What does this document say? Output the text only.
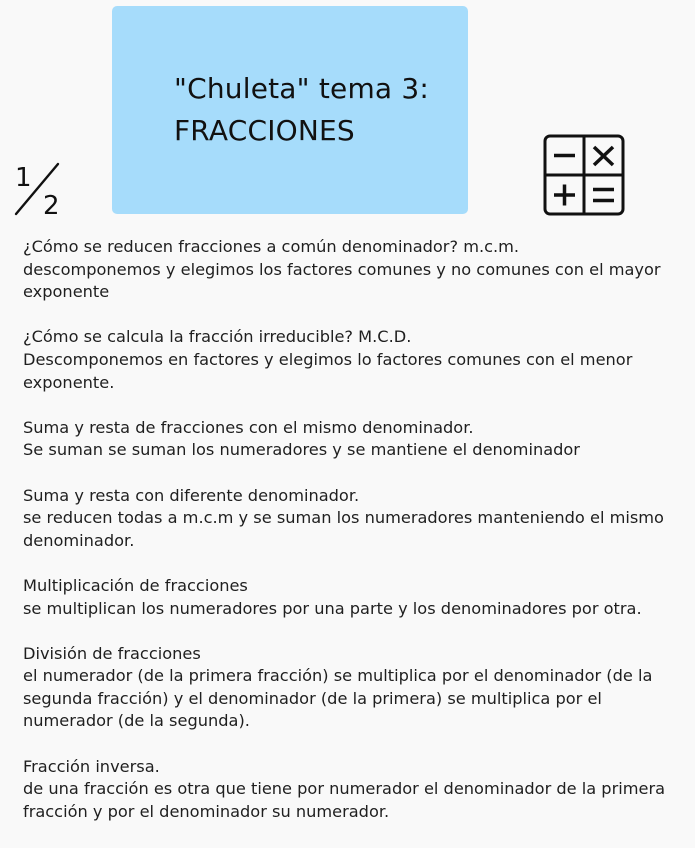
"Chuleta" tema 3:
FRACCIONES
1
2

¿Cómo se reducen fracciones a común denominador? m.c.m.

descomponemos y elegimos los factores comunes y no comunes con el mayor exponente

¿Cómo se calcula la fracción irreducible? M.C.D.

Descomponemos en factores y elegimos lo factores comunes con el menor exponente.

Suma y resta de fracciones con el mismo denominador.

Se suman se suman los numeradores y se mantiene el denominador

Suma y resta con diferente denominador.

se reducen todas a m.c.m y se suman los numeradores manteniendo el mismo denominador.

Multiplicación de fracciones

se multiplican los numeradores por una parte y los denominadores por otra.

División de fracciones

el numerador (de la primera fracción) se multiplica por el denominador (de la segunda fracción) y el denominador (de la primera) se multiplica por el numerador (de la segunda).

Fracción inversa.

de una fracción es otra que tiene por numerador el denominador de la primera fracción y por el denominador su numerador.
